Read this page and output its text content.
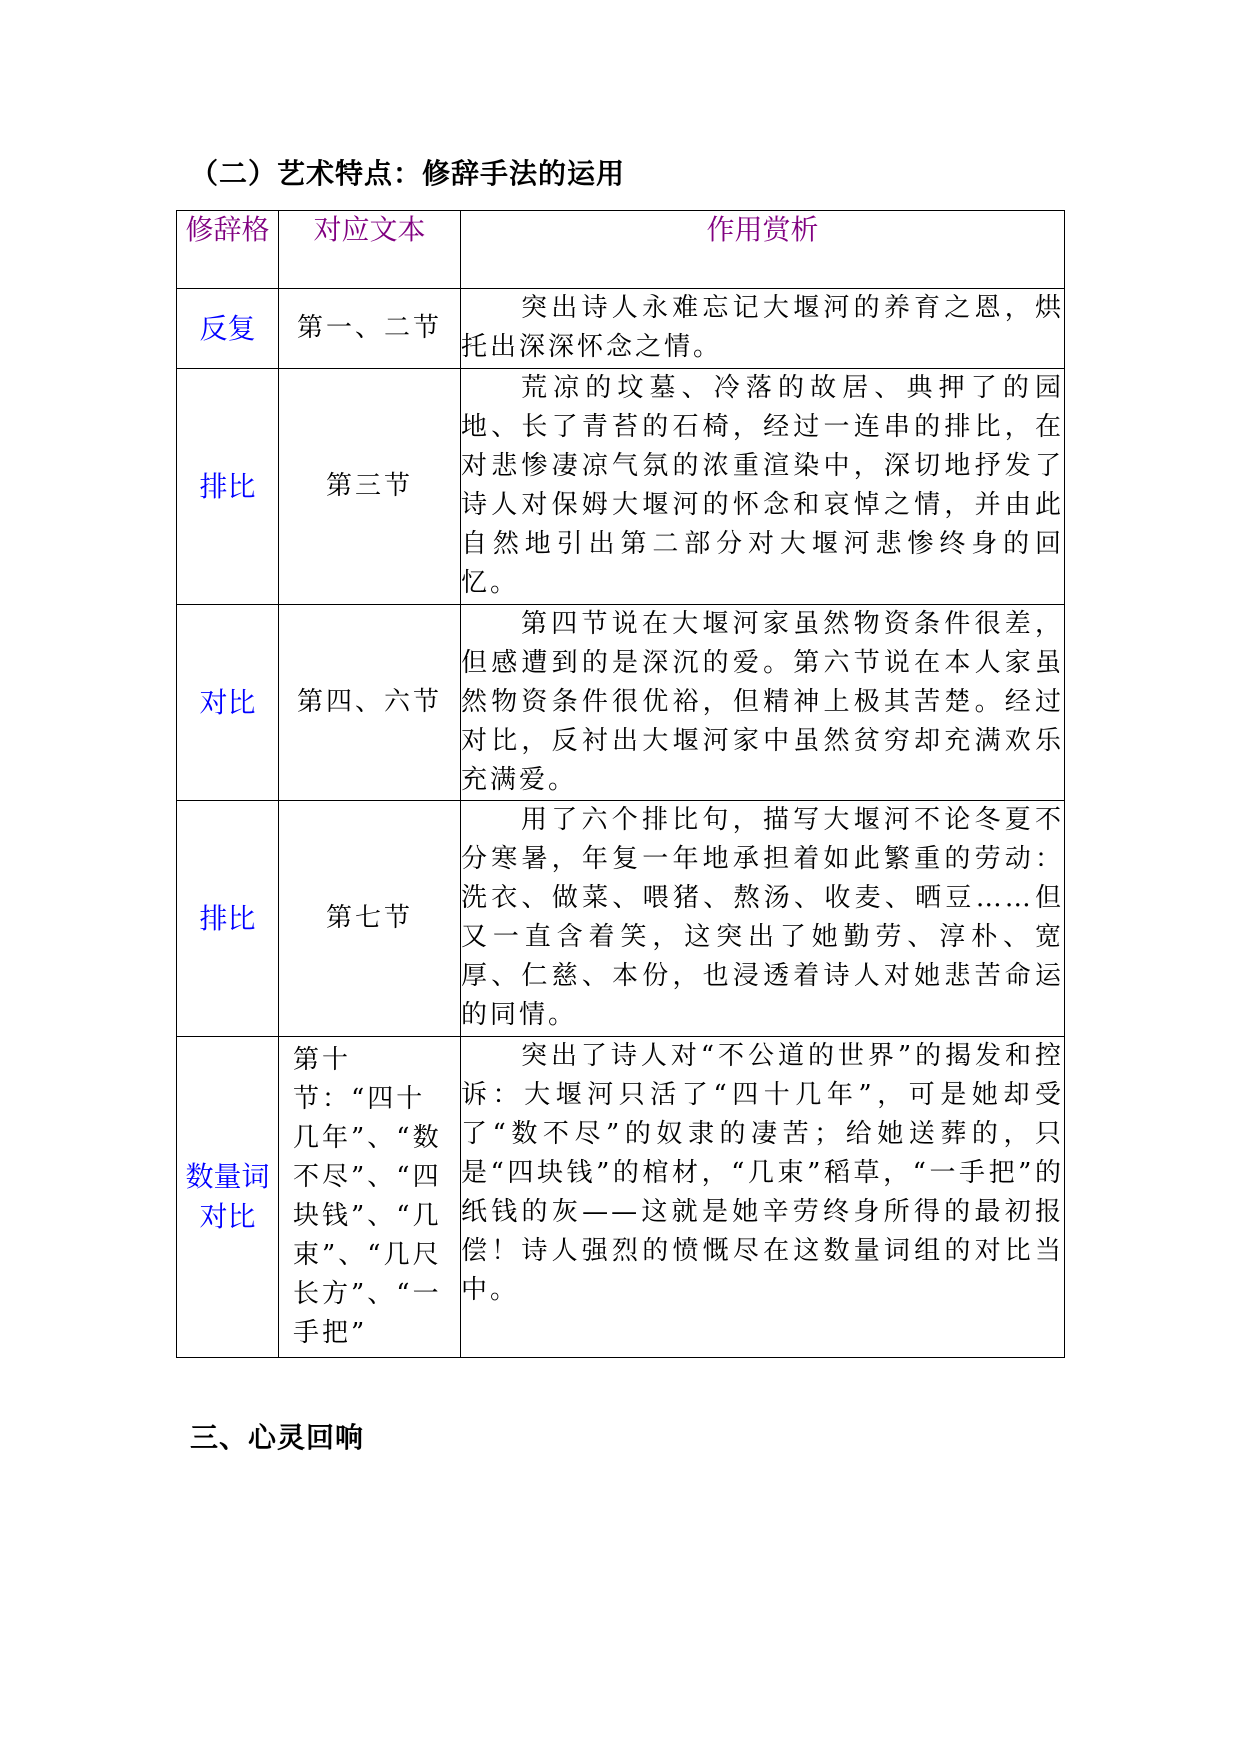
（二）艺术特点：修辞手法的运用
修辞格	对应文本	作用赏析
反复	第一、二节	突出诗人永难忘记大堰河的养育之恩，烘托出深深怀念之情。
排比	第三节	荒凉的坟墓、冷落的故居、典押了的园地、长了青苔的石椅，经过一连串的排比，在对悲惨凄凉气氛的浓重渲染中，深切地抒发了诗人对保姆大堰河的怀念和哀悼之情，并由此自然地引出第二部分对大堰河悲惨终身的回忆。
对比	第四、六节	第四节说在大堰河家虽然物资条件很差，但感遭到的是深沉的爱。第六节说在本人家虽然物资条件很优裕，但精神上极其苦楚。经过对比，反衬出大堰河家中虽然贫穷却充满欢乐充满爱。
排比	第七节	用了六个排比句，描写大堰河不论冬夏不分寒暑，年复一年地承担着如此繁重的劳动：洗衣、做菜、喂猪、熬汤、收麦、晒豆……但又一直含着笑，这突出了她勤劳、淳朴、宽厚、仁慈、本份，也浸透着诗人对她悲苦命运的同情。
数量词对比	第十节：“四十几年”、“数不尽”、“四块钱”、“几束”、“几尺长方”、“一手把”	突出了诗人对“不公道的世界”的揭发和控诉：大堰河只活了“四十几年”，可是她却受了“数不尽”的奴隶的凄苦；给她送葬的，只是“四块钱”的棺材，“几束”稻草，“一手把”的纸钱的灰——这就是她辛劳终身所得的最初报偿！诗人强烈的愤慨尽在这数量词组的对比当中。
三、心灵回响
